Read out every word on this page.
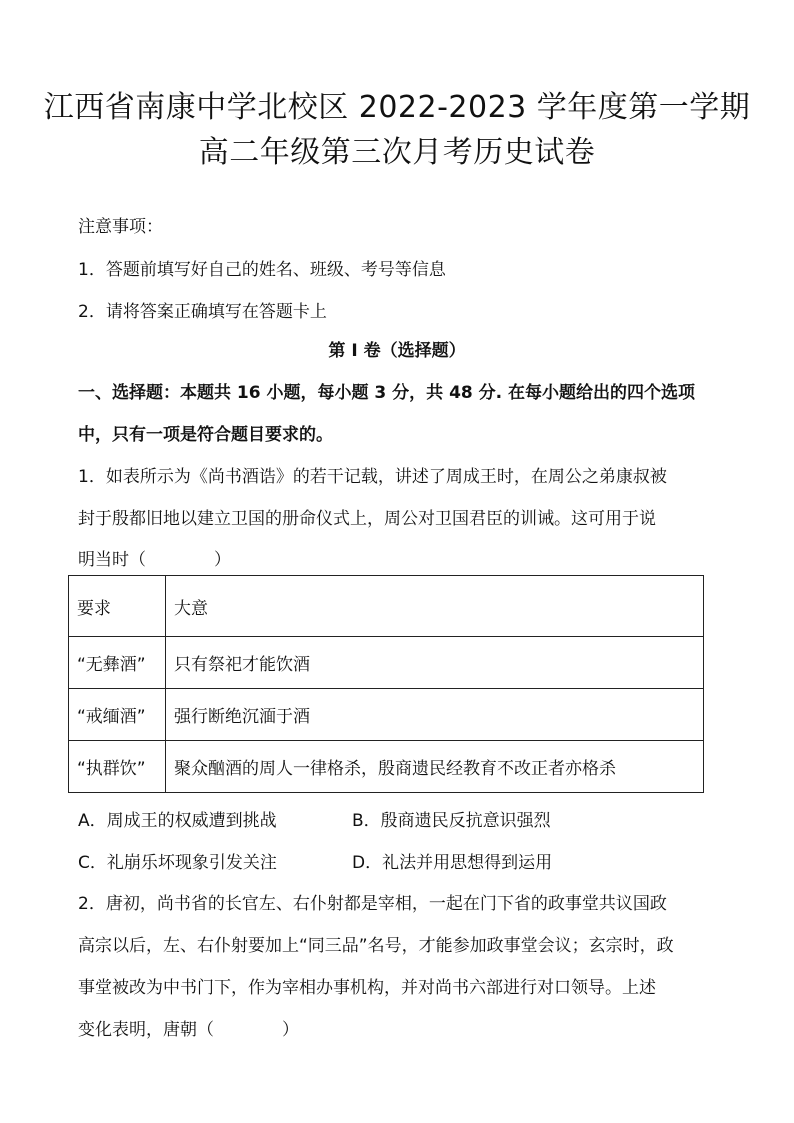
江西省南康中学北校区 2022-2023 学年度第一学期
高二年级第三次月考历史试卷
注意事项：
1．答题前填写好自己的姓名、班级、考号等信息
2．请将答案正确填写在答题卡上
第 I 卷（选择题）
一、选择题：本题共 16 小题，每小题 3 分，共 48 分. 在每小题给出的四个选项
中，只有一项是符合题目要求的。
1．如表所示为《尚书酒诰》的若干记载，讲述了周成王时，在周公之弟康叔被
封于殷都旧地以建立卫国的册命仪式上，周公对卫国君臣的训诫。这可用于说
明当时（　　　　）
要求	大意
“无彝酒”	只有祭祀才能饮酒
“戒缅酒”	强行断绝沉湎于酒
“执群饮”	聚众酗酒的周人一律格杀，殷商遗民经教育不改正者亦格杀
A．周成王的权威遭到挑战	B．殷商遗民反抗意识强烈
C．礼崩乐坏现象引发关注	D．礼法并用思想得到运用
2．唐初，尚书省的长官左、右仆射都是宰相，一起在门下省的政事堂共议国政
高宗以后，左、右仆射要加上“同三品”名号，才能参加政事堂会议；玄宗时，政
事堂被改为中书门下，作为宰相办事机构，并对尚书六部进行对口领导。上述
变化表明，唐朝（　　　　）
